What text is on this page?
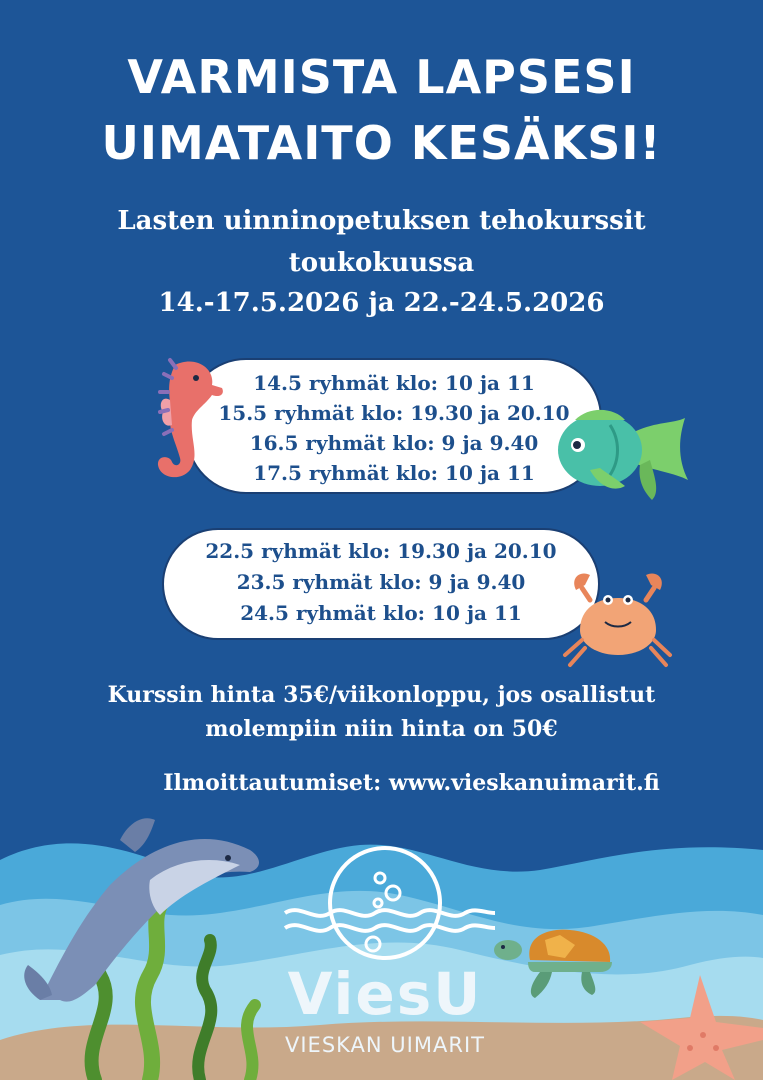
VARMISTA LAPSESI
UIMATAITO KESÄKSI!
Lasten uinninopetuksen tehokurssit
toukokuussa
14.-17.5.2026 ja 22.-24.5.2026
14.5 ryhmät klo: 10 ja 11
15.5 ryhmät klo: 19.30 ja 20.10
16.5 ryhmät klo: 9 ja 9.40
17.5 ryhmät klo: 10 ja 11
22.5 ryhmät klo: 19.30 ja 20.10
23.5 ryhmät klo: 9 ja 9.40
24.5 ryhmät klo: 10 ja 11
Kurssin hinta 35€/viikonloppu, jos osallistut
molempiin niin hinta on 50€
Ilmoittautumiset: www.vieskanuimarit.fi
ViesU
VIESKAN UIMARIT
